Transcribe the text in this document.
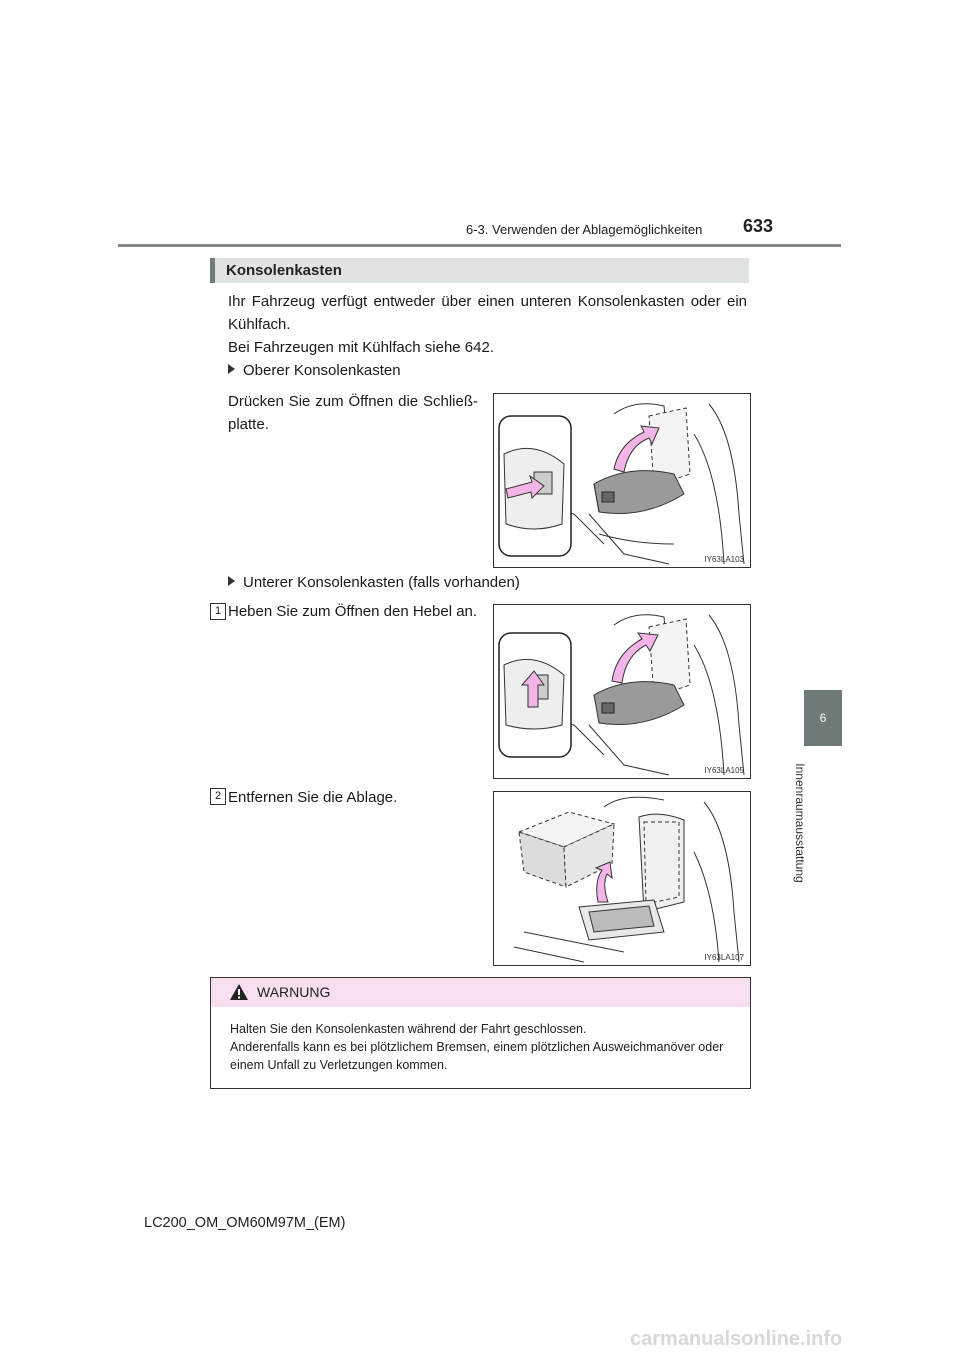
6-3. Verwenden der Ablagemöglichkeiten 633
6
Innenraumausstattung
Konsolenkasten
Ihr Fahrzeug verfügt entweder über einen unteren Konsolenkasten oder ein Kühlfach.
Bei Fahrzeugen mit Kühlfach siehe 642.
Oberer Konsolenkasten
Drücken Sie zum Öffnen die Schließ-platte.
IY63LA103
Unterer Konsolenkasten (falls vorhanden)
1 Heben Sie zum Öffnen den Hebel an.
IY63LA105
2 Entfernen Sie die Ablage.
IY63LA107
WARNUNG
Halten Sie den Konsolenkasten während der Fahrt geschlossen.
Anderenfalls kann es bei plötzlichem Bremsen, einem plötzlichen Ausweichmanöver oder einem Unfall zu Verletzungen kommen.
LC200_OM_OM60M97M_(EM)
carmanualsonline.info
